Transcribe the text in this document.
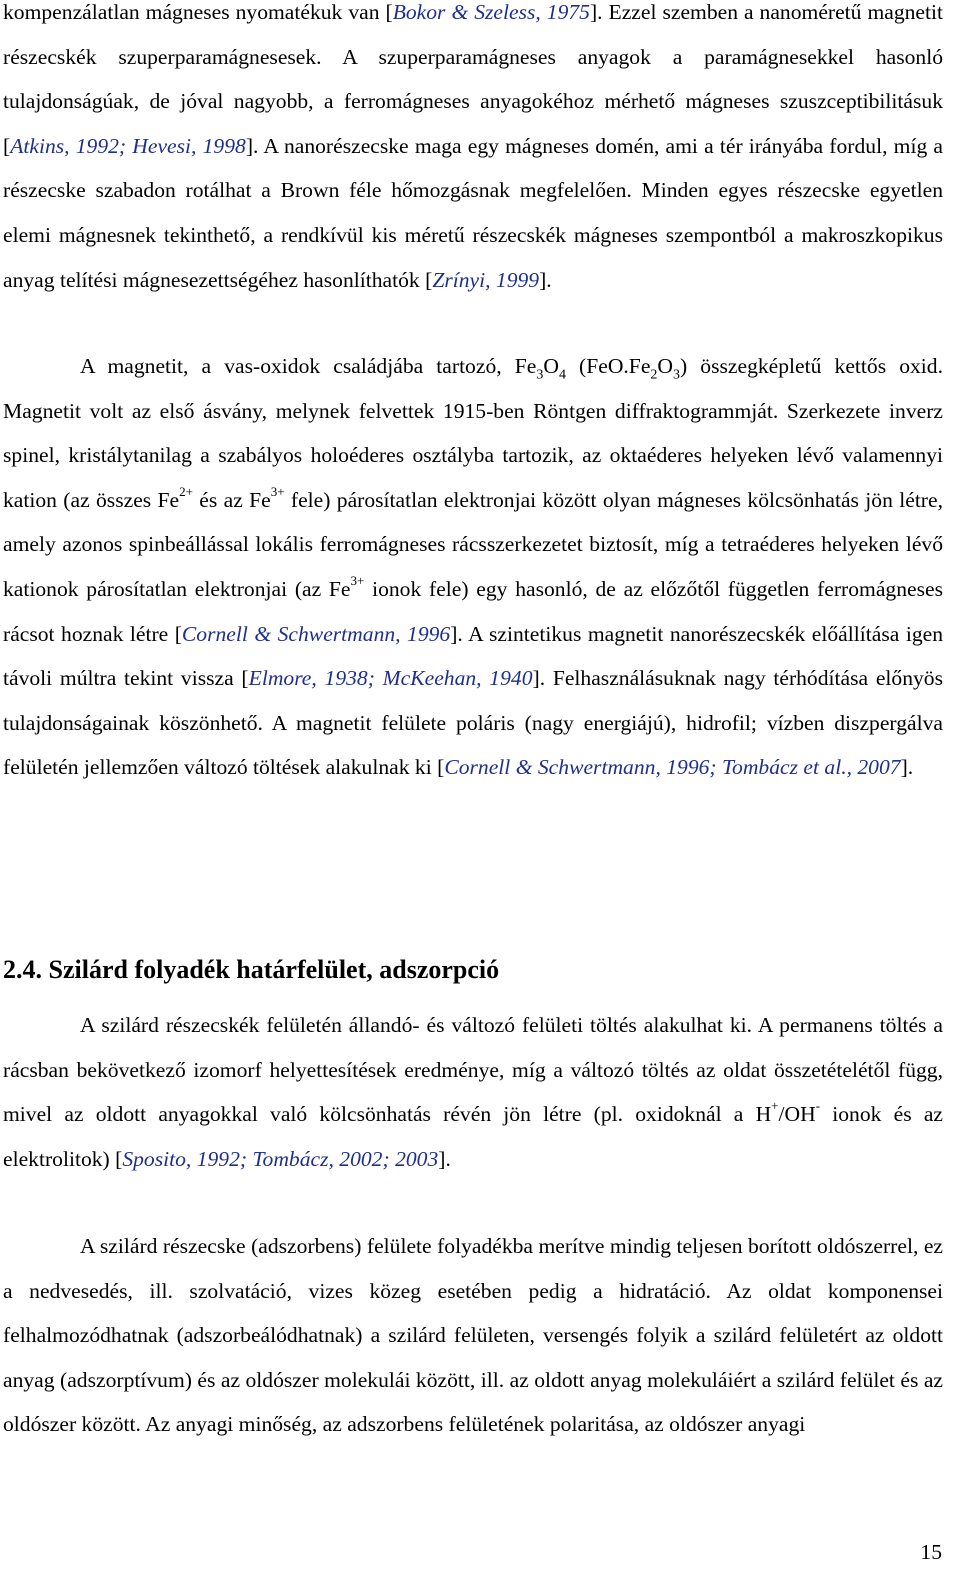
kompenzálatlan mágneses nyomatékuk van [Bokor & Szeless, 1975]. Ezzel szemben a nanoméretű magnetit részecskék szuperparamágnesesek. A szuperparamágneses anyagok a paramágnesekkel hasonló tulajdonságúak, de jóval nagyobb, a ferromágneses anyagokéhoz mérhető mágneses szuszceptibilitásuk [Atkins, 1992; Hevesi, 1998]. A nanorészecske maga egy mágneses domén, ami a tér irányába fordul, míg a részecske szabadon rotálhat a Brown féle hőmozgásnak megfelelően. Minden egyes részecske egyetlen elemi mágnesnek tekinthető, a rendkívül kis méretű részecskék mágneses szempontból a makroszkopikus anyag telítési mágnesezettségéhez hasonlíthatók [Zrínyi, 1999].

A magnetit, a vas-oxidok családjába tartozó, $Fe_3O_4$ $(FeO.Fe_2O_3)$ összegképletű kettős oxid. Magnetit volt az első ásvány, melynek felvettek 1915-ben Röntgen diffraktogrammját. Szerkezete inverz spinel, kristálytanilag a szabályos holoéderes osztályba tartozik, az oktaéderes helyeken lévő valamennyi kation (az összes $Fe^{2+}$ és az $Fe^{3+}$ fele) párosítatlan elektronjai között olyan mágneses kölcsönhatás jön létre, amely azonos spinbeállással lokális ferromágneses rácsszerkezetet biztosít, míg a tetraéderes helyeken lévő kationok párosítatlan elektronjai (az $Fe^{3+}$ ionok fele) egy hasonló, de az előzőtől független ferromágneses rácsot hoznak létre [Cornell & Schwertmann, 1996]. A szintetikus magnetit nanorészecskék előállítása igen távoli múltra tekint vissza [Elmore, 1938; McKeehan, 1940]. Felhasználásuknak nagy térhódítása előnyös tulajdonságainak köszönhető. A magnetit felülete poláris (nagy energiájú), hidrofil; vízben diszpergálva felületén jellemzően változó töltések alakulnak ki [Cornell & Schwertmann, 1996; Tombácz et al., 2007].

2.4. Szilárd folyadék határfelület, adszorpció

A szilárd részecskék felületén állandó- és változó felületi töltés alakulhat ki. A permanens töltés a rácsban bekövetkező izomorf helyettesítések eredménye, míg a változó töltés az oldat összetételétől függ, mivel az oldott anyagokkal való kölcsönhatás révén jön létre (pl. oxidoknál a H+/OH- ionok és az elektrolitok) [Sposito, 1992; Tombácz, 2002; 2003].

A szilárd részecske (adszorbens) felülete folyadékba merítve mindig teljesen borított oldószerrel, ez a nedvesedés, ill. szolvatáció, vizes közeg esetében pedig a hidratáció. Az oldat komponensei felhalmozódhatnak (adszorbeálódhatnak) a szilárd felületen, versengés folyik a szilárd felületért az oldott anyag (adszorptívum) és az oldószer molekulái között, ill. az oldott anyag molekuláiért a szilárd felület és az oldószer között. Az anyagi minőség, az adszorbens felületének polaritása, az oldószer anyagi

15
